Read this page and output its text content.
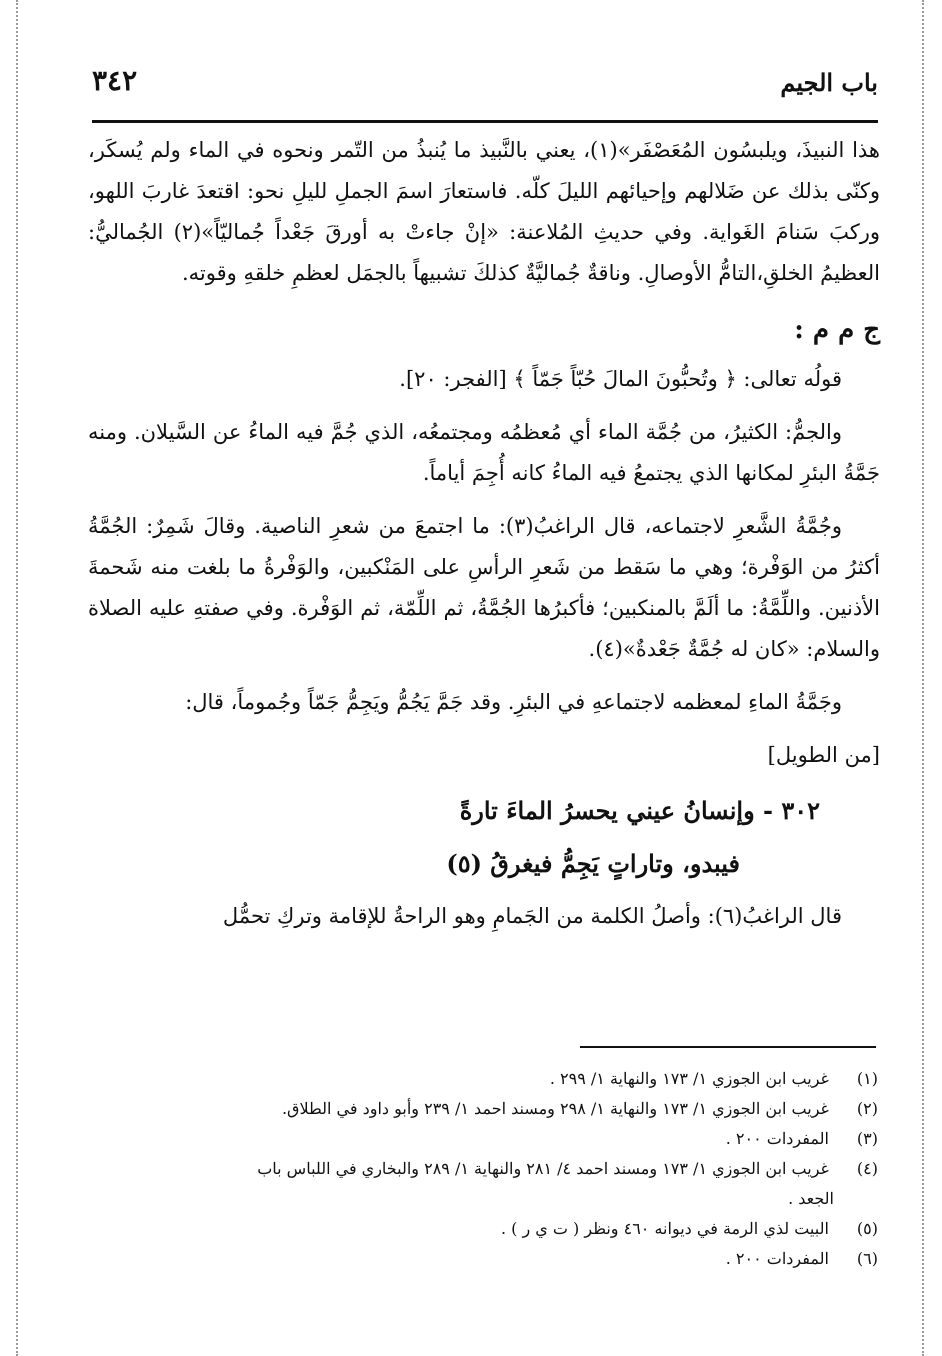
باب الجيم
٣٤٢

هذا النبيذَ، ويلبسُون المُعَصْفَر»(١)، يعني بالنَّبيذ ما يُنبذُ من التّمر ونحوه في الماء ولم يُسكَر، وكنّى بذلك عن ضَلالهم وإحيائهم الليلَ كلّه. فاستعارَ اسمَ الجملِ لليلِ نحو: اقتعدَ غاربَ اللهو، وركبَ سَنامَ الغَواية. وفي حديثِ المُلاعنة: «إنْ جاءتْ به أورقَ جَعْداً جُماليّاً»(٢) الجُماليُّ: العظيمُ الخلقِ،التامُّ الأوصالِ. وناقةٌ جُماليَّةٌ كذلكَ تشبيهاً بالجمَل لعظمِ خلقهِ وقوته.

ج م م :

قولُه تعالى: ﴿ وتُحبُّونَ المالَ حُبّاً جَمّاً ﴾ [الفجر: ٢٠].

والجمُّ: الكثيرُ، من جُمَّة الماء أي مُعظمُه ومجتمعُه، الذي جُمَّ فيه الماءُ عن السَّيلان. ومنه جَمَّةُ البئرِ لمكانها الذي يجتمعُ فيه الماءُ كانه أُجِمَ أياماً.

وجُمَّةُ الشَّعرِ لاجتماعه، قال الراغبُ(٣): ما اجتمعَ من شعرِ الناصية. وقالَ شَمِرٌ: الجُمَّةُ أكثرُ من الوَفْرة؛ وهي ما سَقط من شَعرِ الرأسِ على المَنْكبين، والوَفْرةُ ما بلغت منه شَحمةَ الأذنين. واللِّمَّةُ: ما ألَمَّ بالمنكبين؛ فأكبرُها الجُمَّةُ، ثم اللِّمّة، ثم الوَفْرة. وفي صفتهِ عليه الصلاة والسلام: «كان له جُمَّةٌ جَعْدةٌ»(٤).

وجَمَّةُ الماءِ لمعظمه لاجتماعهِ في البئرِ. وقد جَمَّ يَجُمُّ ويَجِمُّ جَمّاً وجُموماً، قال:

[من الطويل]

٣٠٢ - وإنسانُ عيني يحسرُ الماءَ تارةً

فيبدو، وتاراتٍ يَجِمُّ فيغرقُ (٥)

قال الراغبُ(٦): وأصلُ الكلمة من الجَمامِ وهو الراحةُ للإقامة وتركِ تحمُّل

(١) غريب ابن الجوزي ١/ ١٧٣ والنهاية ١/ ٢٩٩ .

(٢) غريب ابن الجوزي ١/ ١٧٣ والنهاية ١/ ٢٩٨ ومسند احمد ١/ ٢٣٩ وأبو داود في الطلاق.

(٣) المفردات ٢٠٠ .

(٤) غريب ابن الجوزي ١/ ١٧٣ ومسند احمد ٤/ ٢٨١ والنهاية ١/ ٢٨٩ والبخاري في اللباس باب

الجعد .

(٥) البيت لذي الرمة في ديوانه ٤٦٠ ونظر ( ت ي ر ) .

(٦) المفردات ٢٠٠ .
